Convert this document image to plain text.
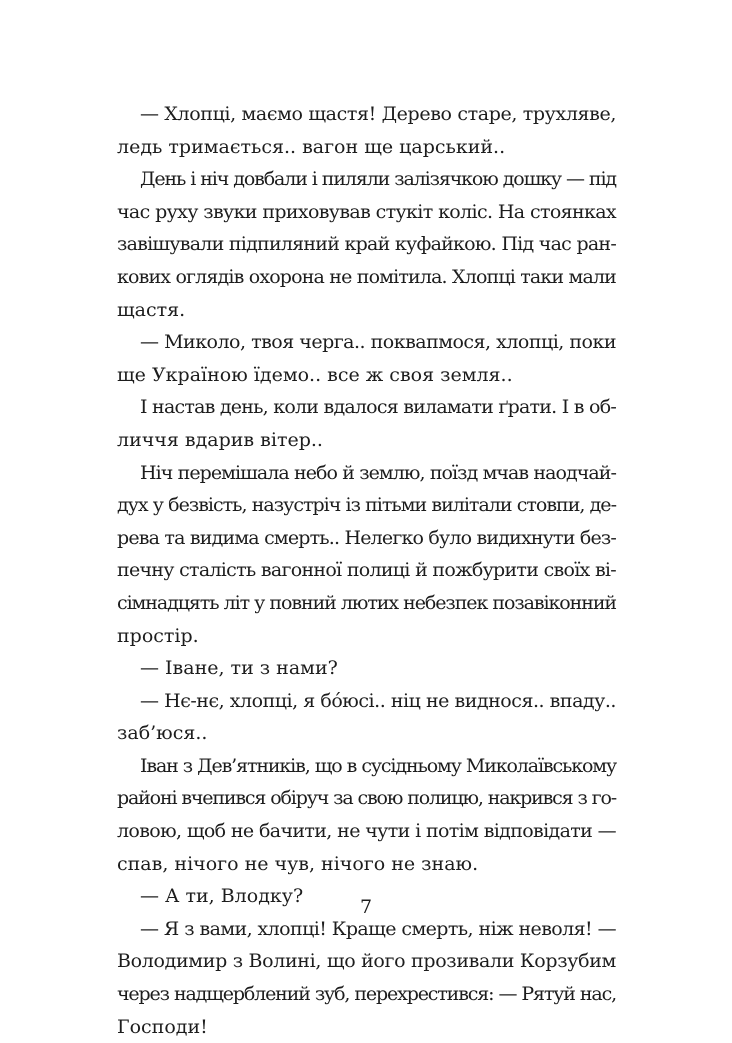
— Хлопці, маємо щастя! Дерево старе, трухляве,
ледь тримається.. вагон ще царський..
День і ніч довбали і пиляли залізячкою дошку — під
час руху звуки приховував стукіт коліс. На стоянках
завішували підпиляний край куфайкою. Під час ран-
кових оглядів охорона не помітила. Хлопці таки мали
щастя.
— Миколо, твоя черга.. поквапмося, хлопці, поки
ще Україною їдемо.. все ж своя земля..
І настав день, коли вдалося виламати ґрати. І в об-
личчя вдарив вітер..
Ніч перемішала небо й землю, поїзд мчав наодчай-
дух у безвість, назустріч із пітьми вилітали стовпи, де-
рева та видима смерть.. Нелегко було видихнути без-
печну сталість вагонної полиці й пожбурити своїх ві-
сімнадцять літ у повний лютих небезпек позавіконний
простір.
— Іване, ти з нами?
— Нє-нє, хлопці, я бо́юсі.. ніц не виднося.. впаду..
заб’юся..
Іван з Дев’ятників, що в сусідньому Миколаївському
районі вчепився обіруч за свою полицю, накрився з го-
ловою, щоб не бачити, не чути і потім відповідати —
спав, нічого не чув, нічого не знаю.
— А ти, Влодку?
— Я з вами, хлопці! Краще смерть, ніж неволя! —
Володимир з Волині, що його прозивали Корзубим
через надщерблений зуб, перехрестився: — Рятуй нас,
Господи!
7
